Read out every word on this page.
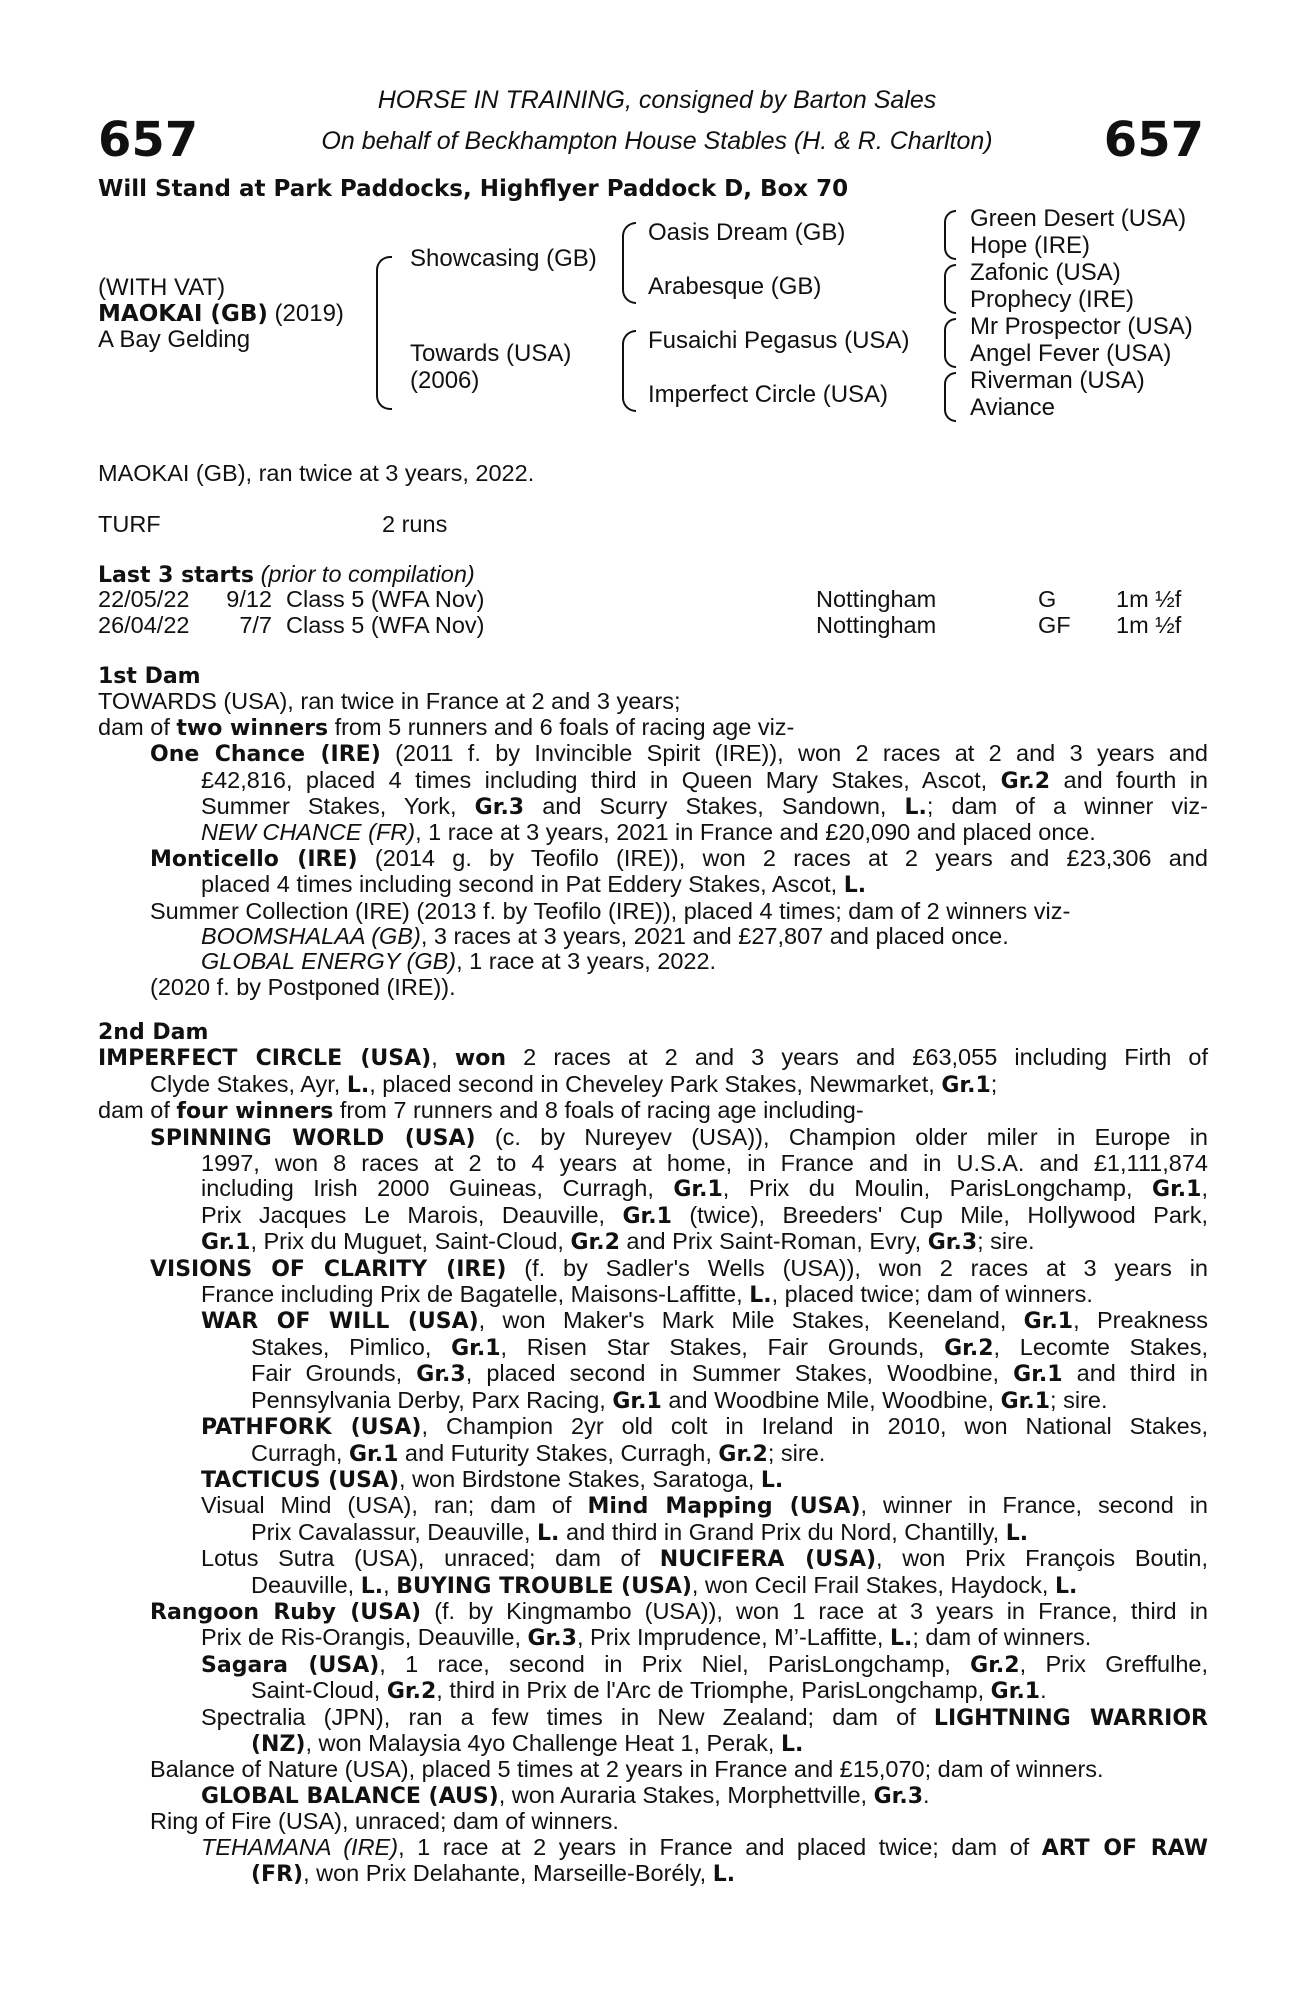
657	657
HORSE IN TRAINING, consigned by Barton Sales
On behalf of Beckhampton House Stables (H. & R. Charlton)
Will Stand at Park Paddocks, Highflyer Paddock D, Box 70
(WITH VAT)
MAOKAI (GB) (2019)
A Bay Gelding
Showcasing (GB)
Towards (USA)
(2006)
Oasis Dream (GB)
Arabesque (GB)
Fusaichi Pegasus (USA)
Imperfect Circle (USA)
Green Desert (USA)
Hope (IRE)
Zafonic (USA)
Prophecy (IRE)
Mr Prospector (USA)
Angel Fever (USA)
Riverman (USA)
Aviance
MAOKAI (GB), ran twice at 3 years, 2022.
TURF	2 runs
Last 3 starts (prior to compilation)
22/05/22	9/12	Class 5 (WFA Nov)	Nottingham	G	1m ½f
26/04/22	7/7	Class 5 (WFA Nov)	Nottingham	GF	1m ½f
1st Dam
TOWARDS (USA), ran twice in France at 2 and 3 years;
dam of two winners from 5 runners and 6 foals of racing age viz-
One Chance (IRE) (2011 f. by Invincible Spirit (IRE)), won 2 races at 2 and 3 years and
£42,816, placed 4 times including third in Queen Mary Stakes, Ascot, Gr.2 and fourth in
Summer Stakes, York, Gr.3 and Scurry Stakes, Sandown, L.; dam of a winner viz-
NEW CHANCE (FR), 1 race at 3 years, 2021 in France and £20,090 and placed once.
Monticello (IRE) (2014 g. by Teofilo (IRE)), won 2 races at 2 years and £23,306 and
placed 4 times including second in Pat Eddery Stakes, Ascot, L.
Summer Collection (IRE) (2013 f. by Teofilo (IRE)), placed 4 times; dam of 2 winners viz-
BOOMSHALAA (GB), 3 races at 3 years, 2021 and £27,807 and placed once.
GLOBAL ENERGY (GB), 1 race at 3 years, 2022.
(2020 f. by Postponed (IRE)).
2nd Dam
IMPERFECT CIRCLE (USA), won 2 races at 2 and 3 years and £63,055 including Firth of
Clyde Stakes, Ayr, L., placed second in Cheveley Park Stakes, Newmarket, Gr.1;
dam of four winners from 7 runners and 8 foals of racing age including-
SPINNING WORLD (USA) (c. by Nureyev (USA)), Champion older miler in Europe in
1997, won 8 races at 2 to 4 years at home, in France and in U.S.A. and £1,111,874
including Irish 2000 Guineas, Curragh, Gr.1, Prix du Moulin, ParisLongchamp, Gr.1,
Prix Jacques Le Marois, Deauville, Gr.1 (twice), Breeders' Cup Mile, Hollywood Park,
Gr.1, Prix du Muguet, Saint-Cloud, Gr.2 and Prix Saint-Roman, Evry, Gr.3; sire.
VISIONS OF CLARITY (IRE) (f. by Sadler's Wells (USA)), won 2 races at 3 years in
France including Prix de Bagatelle, Maisons-Laffitte, L., placed twice; dam of winners.
WAR OF WILL (USA), won Maker's Mark Mile Stakes, Keeneland, Gr.1, Preakness
Stakes, Pimlico, Gr.1, Risen Star Stakes, Fair Grounds, Gr.2, Lecomte Stakes,
Fair Grounds, Gr.3, placed second in Summer Stakes, Woodbine, Gr.1 and third in
Pennsylvania Derby, Parx Racing, Gr.1 and Woodbine Mile, Woodbine, Gr.1; sire.
PATHFORK (USA), Champion 2yr old colt in Ireland in 2010, won National Stakes,
Curragh, Gr.1 and Futurity Stakes, Curragh, Gr.2; sire.
TACTICUS (USA), won Birdstone Stakes, Saratoga, L.
Visual Mind (USA), ran; dam of Mind Mapping (USA), winner in France, second in
Prix Cavalassur, Deauville, L. and third in Grand Prix du Nord, Chantilly, L.
Lotus Sutra (USA), unraced; dam of NUCIFERA (USA), won Prix François Boutin,
Deauville, L., BUYING TROUBLE (USA), won Cecil Frail Stakes, Haydock, L.
Rangoon Ruby (USA) (f. by Kingmambo (USA)), won 1 race at 3 years in France, third in
Prix de Ris-Orangis, Deauville, Gr.3, Prix Imprudence, M’-Laffitte, L.; dam of winners.
Sagara (USA), 1 race, second in Prix Niel, ParisLongchamp, Gr.2, Prix Greffulhe,
Saint-Cloud, Gr.2, third in Prix de l'Arc de Triomphe, ParisLongchamp, Gr.1.
Spectralia (JPN), ran a few times in New Zealand; dam of LIGHTNING WARRIOR
(NZ), won Malaysia 4yo Challenge Heat 1, Perak, L.
Balance of Nature (USA), placed 5 times at 2 years in France and £15,070; dam of winners.
GLOBAL BALANCE (AUS), won Auraria Stakes, Morphettville, Gr.3.
Ring of Fire (USA), unraced; dam of winners.
TEHAMANA (IRE), 1 race at 2 years in France and placed twice; dam of ART OF RAW
(FR), won Prix Delahante, Marseille-Borély, L.
